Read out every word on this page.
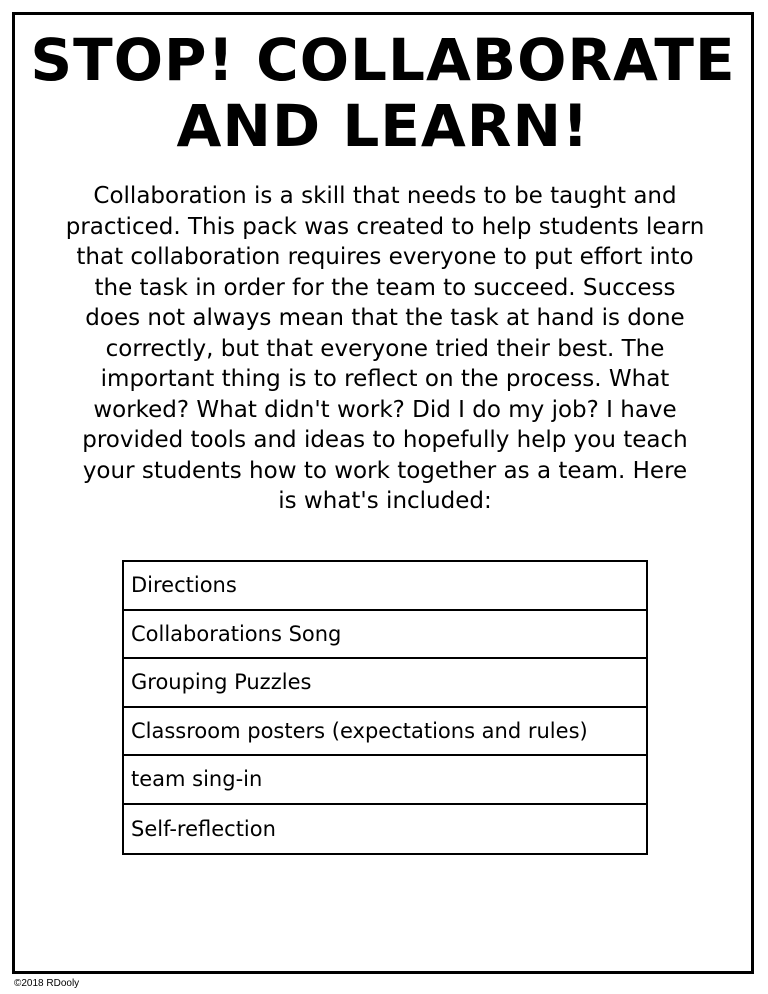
STOP! COLLABORATE
AND LEARN!

Collaboration is a skill that needs to be taught and
practiced. This pack was created to help students learn
that collaboration requires everyone to put effort into
the task in order for the team to succeed. Success
does not always mean that the task at hand is done
correctly, but that everyone tried their best. The
important thing is to reflect on the process. What
worked? What didn't work? Did I do my job? I have
provided tools and ideas to hopefully help you teach
your students how to work together as a team. Here
is what's included:

Directions
Collaborations Song
Grouping Puzzles
Classroom posters (expectations and rules)
team sing-in
Self-reflection
©2018 RDooly
